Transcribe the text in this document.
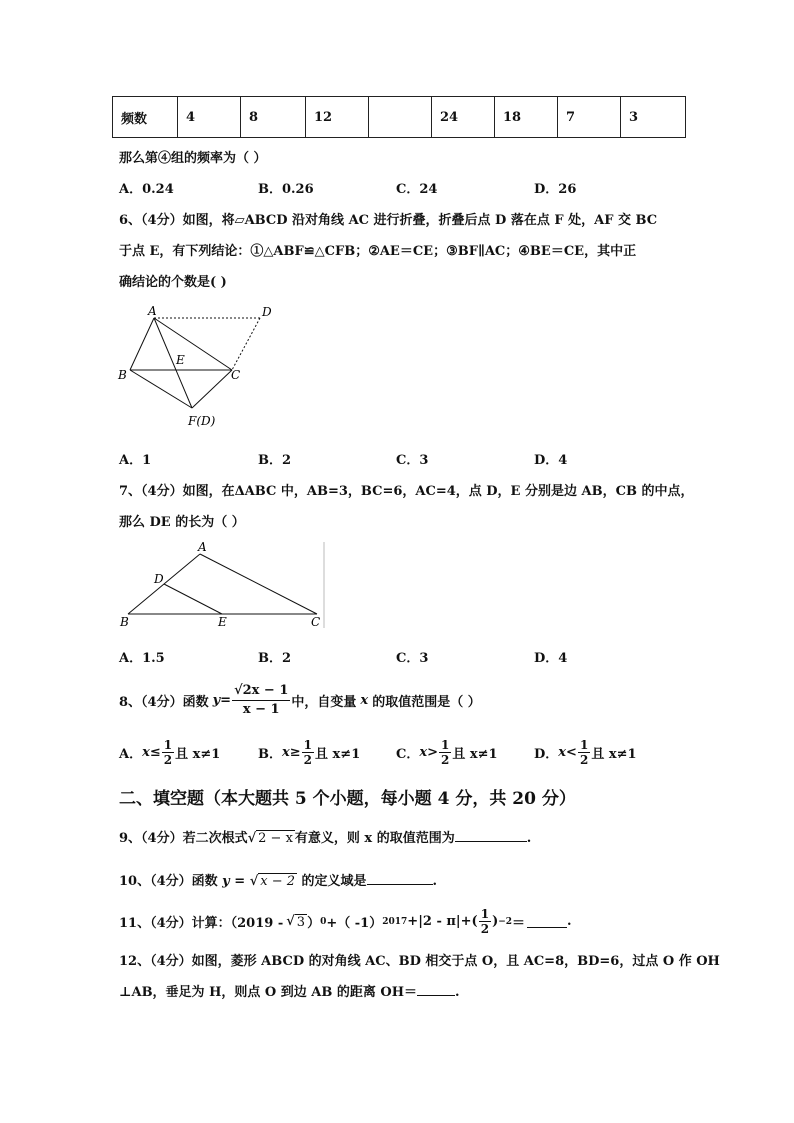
频数	4	8	12		24	18	7	3
那么第④组的频率为（ ）
A．0.24	B．0.26	C．24	D．26
6、（4分）如图，将▱ABCD 沿对角线 AC 进行折叠，折叠后点 D 落在点 F 处，AF 交 BC
于点 E，有下列结论：①△ABF≌△CFB；②AE＝CE；③BF∥AC；④BE＝CE，其中正
确结论的个数是( )
A	D
B	C
E
F(D)
A．1	B．2	C．3	D．4
7、（4分）如图，在ΔABC 中，AB=3，BC=6，AC=4，点 D，E 分别是边 AB，CB 的中点，
那么 DE 的长为（ ）
A
D
B	E	C
A．1.5	B．2	C．3	D．4
8、（4分）函数 $y = \frac{√2x - 1}{x - 1}$ 中，自变量 x 的取值范围是（ ）
A． $x \le \frac{1}{2}$ 且 x≠1	B． $x \ge \frac{1}{2}$ 且 x≠1	C． $x > \frac{1}{2}$ 且 x≠1	D． $x < \frac{1}{2}$ 且 x≠1
二、填空题（本大题共 5 个小题，每小题 4 分，共 20 分）
9、（4分）若二次根式√ 2 − x 有意义，则 x 的取值范围为	.
10、（4分）函数 y = √ x − 2 的定义域是	.
11、（4分）计算：（2019 - √ 3 ） 0 +（ -1） $2017 +|2 - \pi|+( \frac{1}{2}$ ) −2 ＝	.
12、（4分）如图，菱形 ABCD 的对角线 AC、BD 相交于点 O，且 AC=8，BD=6，过点 O 作 OH
⊥AB，垂足为 H，则点 O 到边 AB 的距离 OH＝	.
